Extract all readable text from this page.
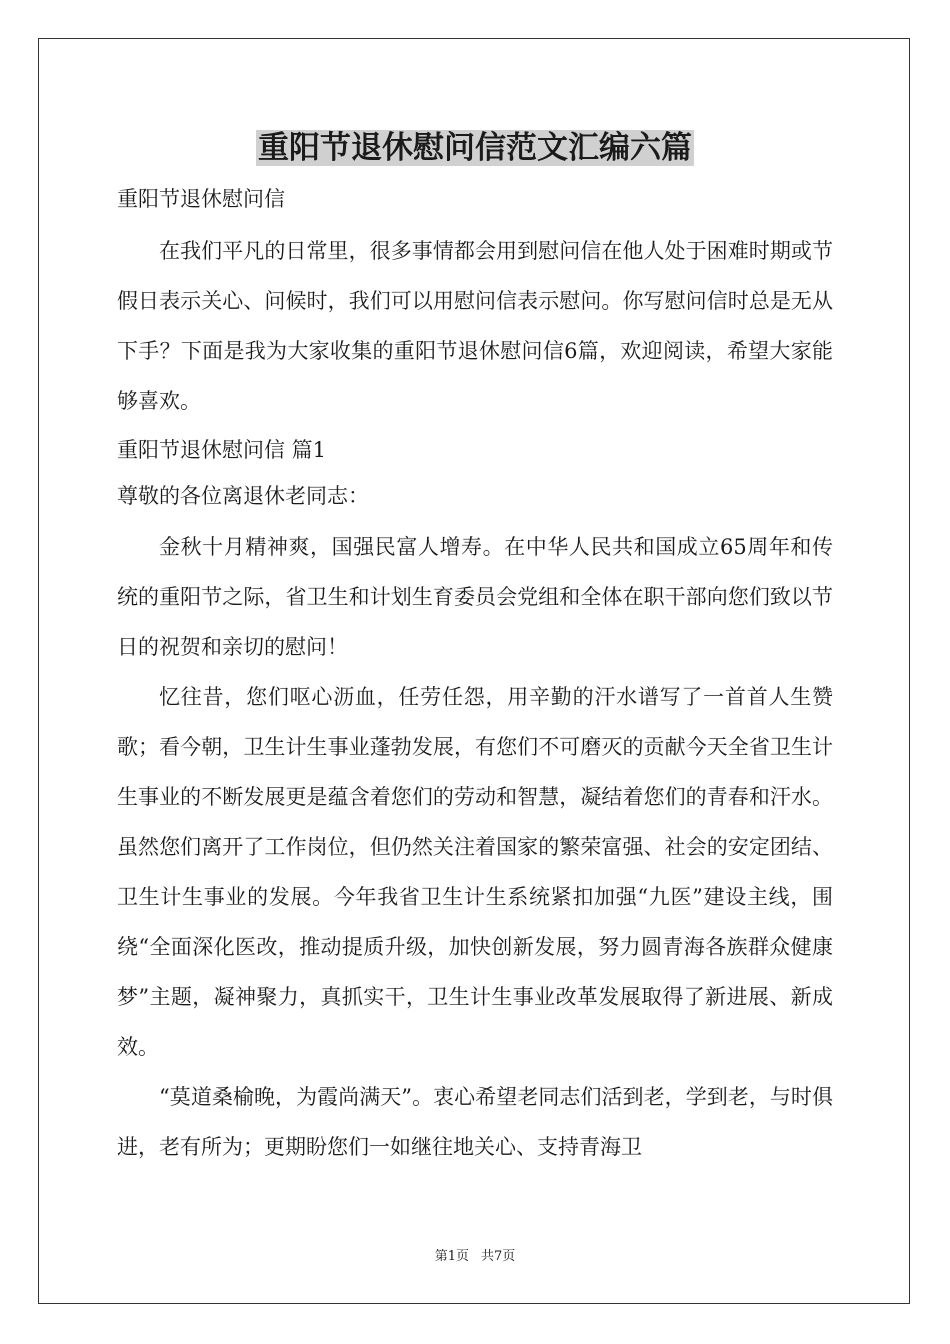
重阳节退休慰问信范文汇编六篇

重阳节退休慰问信

在我们平凡的日常里，很多事情都会用到慰问信在他人处于困难时期或节假日表示关心、问候时，我们可以用慰问信表示慰问。你写慰问信时总是无从下手？下面是我为大家收集的重阳节退休慰问信6篇，欢迎阅读，希望大家能够喜欢。

重阳节退休慰问信 篇1

尊敬的各位离退休老同志：

金秋十月精神爽，国强民富人增寿。在中华人民共和国成立65周年和传统的重阳节之际，省卫生和计划生育委员会党组和全体在职干部向您们致以节日的祝贺和亲切的慰问！

忆往昔，您们呕心沥血，任劳任怨，用辛勤的汗水谱写了一首首人生赞歌；看今朝，卫生计生事业蓬勃发展，有您们不可磨灭的贡献今天全省卫生计生事业的不断发展更是蕴含着您们的劳动和智慧，凝结着您们的青春和汗水。虽然您们离开了工作岗位，但仍然关注着国家的繁荣富强、社会的安定团结、卫生计生事业的发展。今年我省卫生计生系统紧扣加强“九医”建设主线，围绕“全面深化医改，推动提质升级，加快创新发展，努力圆青海各族群众健康梦”主题，凝神聚力，真抓实干，卫生计生事业改革发展取得了新进展、新成效。

“莫道桑榆晚，为霞尚满天”。衷心希望老同志们活到老，学到老，与时俱进，老有所为；更期盼您们一如继往地关心、支持青海卫

第1页 共7页
